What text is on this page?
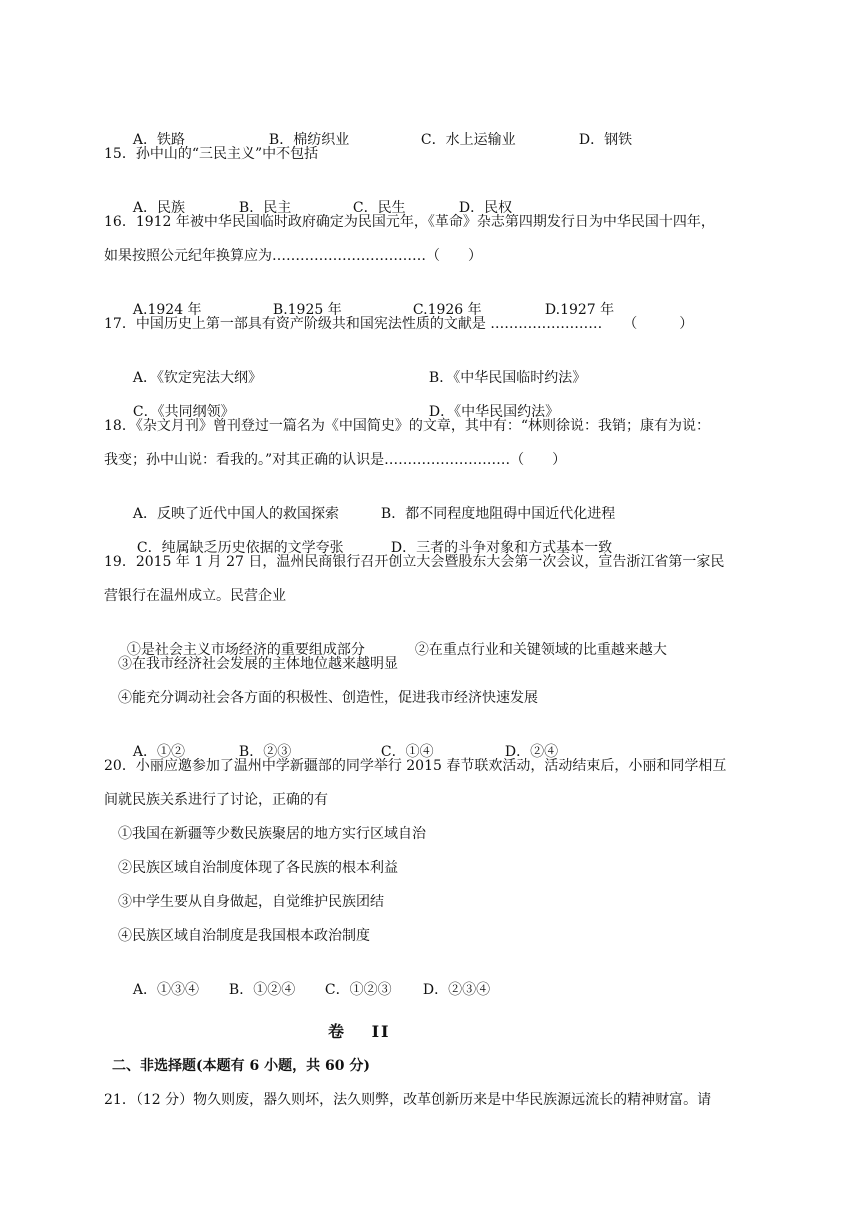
A．铁路	B．棉纺织业	C．水上运输业	D．钢铁

15．孙中山的“三民主义”中不包括

A．民族	B．民主	C．民生	D．民权

16．1912 年被中华民国临时政府确定为民国元年，《革命》杂志第四期发行日为中华民国十四年，
如果按照公元纪年换算应为……………………………（　　）

A.1924 年	B.1925 年	C.1926 年	D.1927 年

17．中国历史上第一部具有资产阶级共和国宪法性质的文献是 ……………………　　（　　　）

A．《钦定宪法大纲》	B．《中华民国临时约法》

C．《共同纲领》	D．《中华民国约法》

18．《杂文月刊》曾刊登过一篇名为《中国简史》的文章，其中有：“林则徐说：我销；康有为说：
我变；孙中山说：看我的。”对其正确的认识是………………………（　　）

A．反映了近代中国人的救国探索	B．都不同程度地阻碍中国近代化进程

C．纯属缺乏历史依据的文学夸张	D．三者的斗争对象和方式基本一致

19．2015 年 1 月 27 日，温州民商银行召开创立大会暨股东大会第一次会议，宣告浙江省第一家民
营银行在温州成立。民营企业

①是社会主义市场经济的重要组成部分	②在重点行业和关键领域的比重越来越大

③在我市经济社会发展的主体地位越来越明显
④能充分调动社会各方面的积极性、创造性，促进我市经济快速发展

A．①②	B．②③	C．①④	D．②④

20．小丽应邀参加了温州中学新疆部的同学举行 2015 春节联欢活动，活动结束后，小丽和同学相互
间就民族关系进行了讨论，正确的有
①我国在新疆等少数民族聚居的地方实行区域自治
②民族区域自治制度体现了各民族的根本利益
③中学生要从自身做起，自觉维护民族团结
④民族区域自治制度是我国根本政治制度

A．①③④ B．①②④ C．①②③ D．②③④

卷　 II
二、非选择题(本题有 6 小题，共 60 分)
21．（12 分）物久则废，器久则坏，法久则弊，改革创新历来是中华民族源远流长的精神财富。请
